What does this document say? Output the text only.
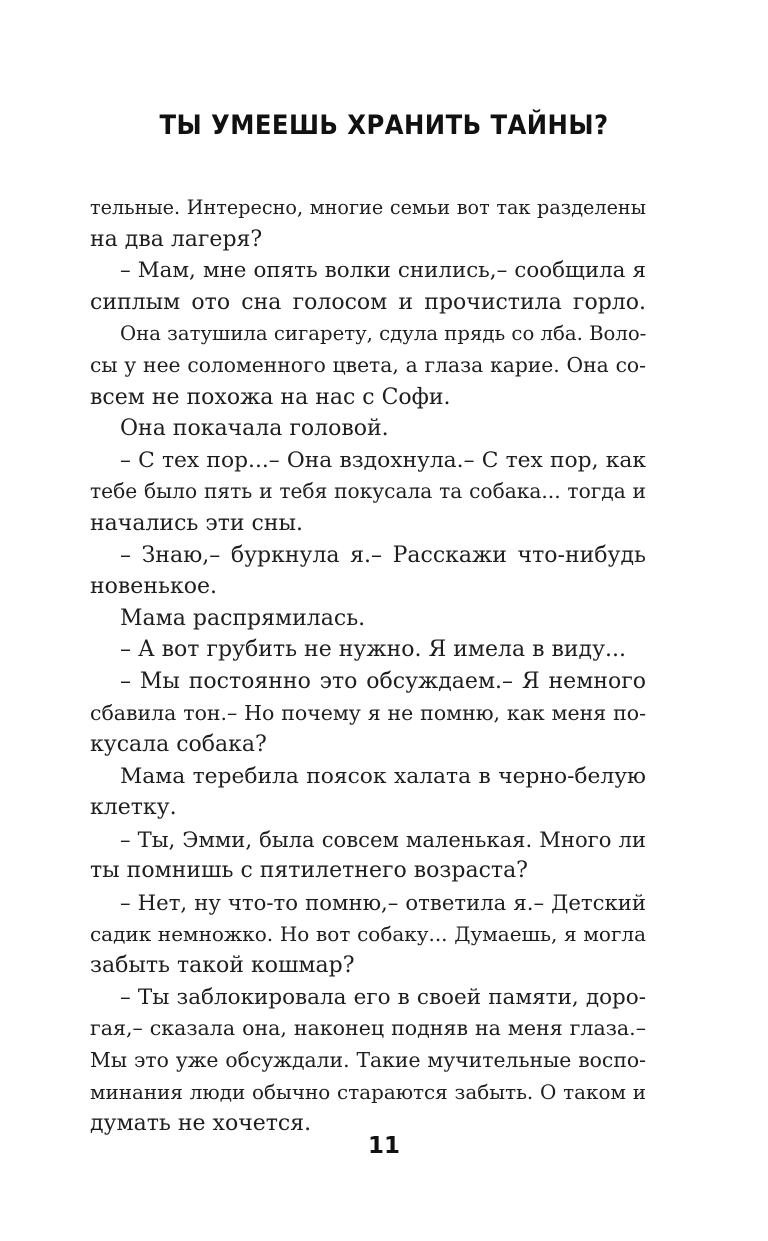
ТЫ УМЕЕШЬ ХРАНИТЬ ТАЙНЫ?
тельные. Интересно, многие семьи вот так разделены
на два лагеря?
– Мам, мне опять волки снились,– сообщила я
сиплым ото сна голосом и прочистила горло.
Она затушила сигарету, сдула прядь со лба. Воло-
сы у нее соломенного цвета, а глаза карие. Она со-
всем не похожа на нас с Софи.
Она покачала головой.
– С тех пор...– Она вздохнула.– С тех пор, как
тебе было пять и тебя покусала та собака... тогда и
начались эти сны.
– Знаю,– буркнула я.– Расскажи что-нибудь
новенькое.
Мама распрямилась.
– А вот грубить не нужно. Я имела в виду...
– Мы постоянно это обсуждаем.– Я немного
сбавила тон.– Но почему я не помню, как меня по-
кусала собака?
Мама теребила поясок халата в черно-белую
клетку.
– Ты, Эмми, была совсем маленькая. Много ли
ты помнишь с пятилетнего возраста?
– Нет, ну что-то помню,– ответила я.– Детский
садик немножко. Но вот собаку... Думаешь, я могла
забыть такой кошмар?
– Ты заблокировала его в своей памяти, доро-
гая,– сказала она, наконец подняв на меня глаза.–
Мы это уже обсуждали. Такие мучительные воспо-
минания люди обычно стараются забыть. О таком и
думать не хочется.
11
